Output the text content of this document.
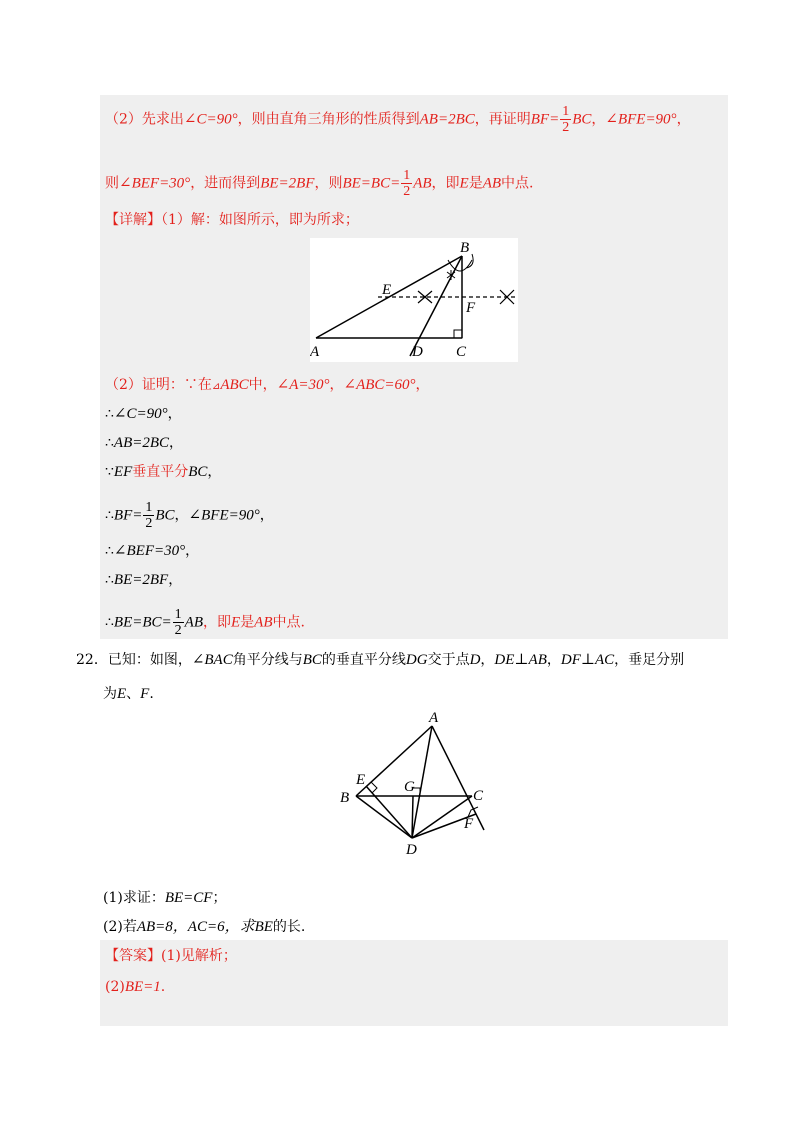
（2）先求出∠C=90°，则由直角三角形的性质得到AB=2BC，再证明$BF= \frac{1}{2}$ BC，∠BFE=90°，
则∠BEF=30°，进而得到BE=2BF，则$BE=BC= \frac{1}{2}$ AB，即E是AB中点.
【详解】（1）解：如图所示，即为所求；
B
E
F
A	D C
（2）证明：∵在⊿ABC中，∠A=30°，∠ABC=60°，
∴∠C=90°，
∴AB=2BC，
∵EF垂直平分BC，
∴BF= $\frac{1}{2}$ BC，∠BFE=90°，
∴∠BEF=30°，
∴BE=2BF，
∴BE=BC= $\frac{1}{2}$ AB，即E是AB中点.
22．已知：如图，∠BAC角平分线与BC的垂直平分线DG交于点D，DE⊥AB，DF⊥AC，垂足分别
为E、F.
A
E
B
G
C
F
D
(1)求证：BE=CF；
(2)若AB=8，AC=6，求BE的长.
【答案】(1)见解析；
(2)BE=1.
